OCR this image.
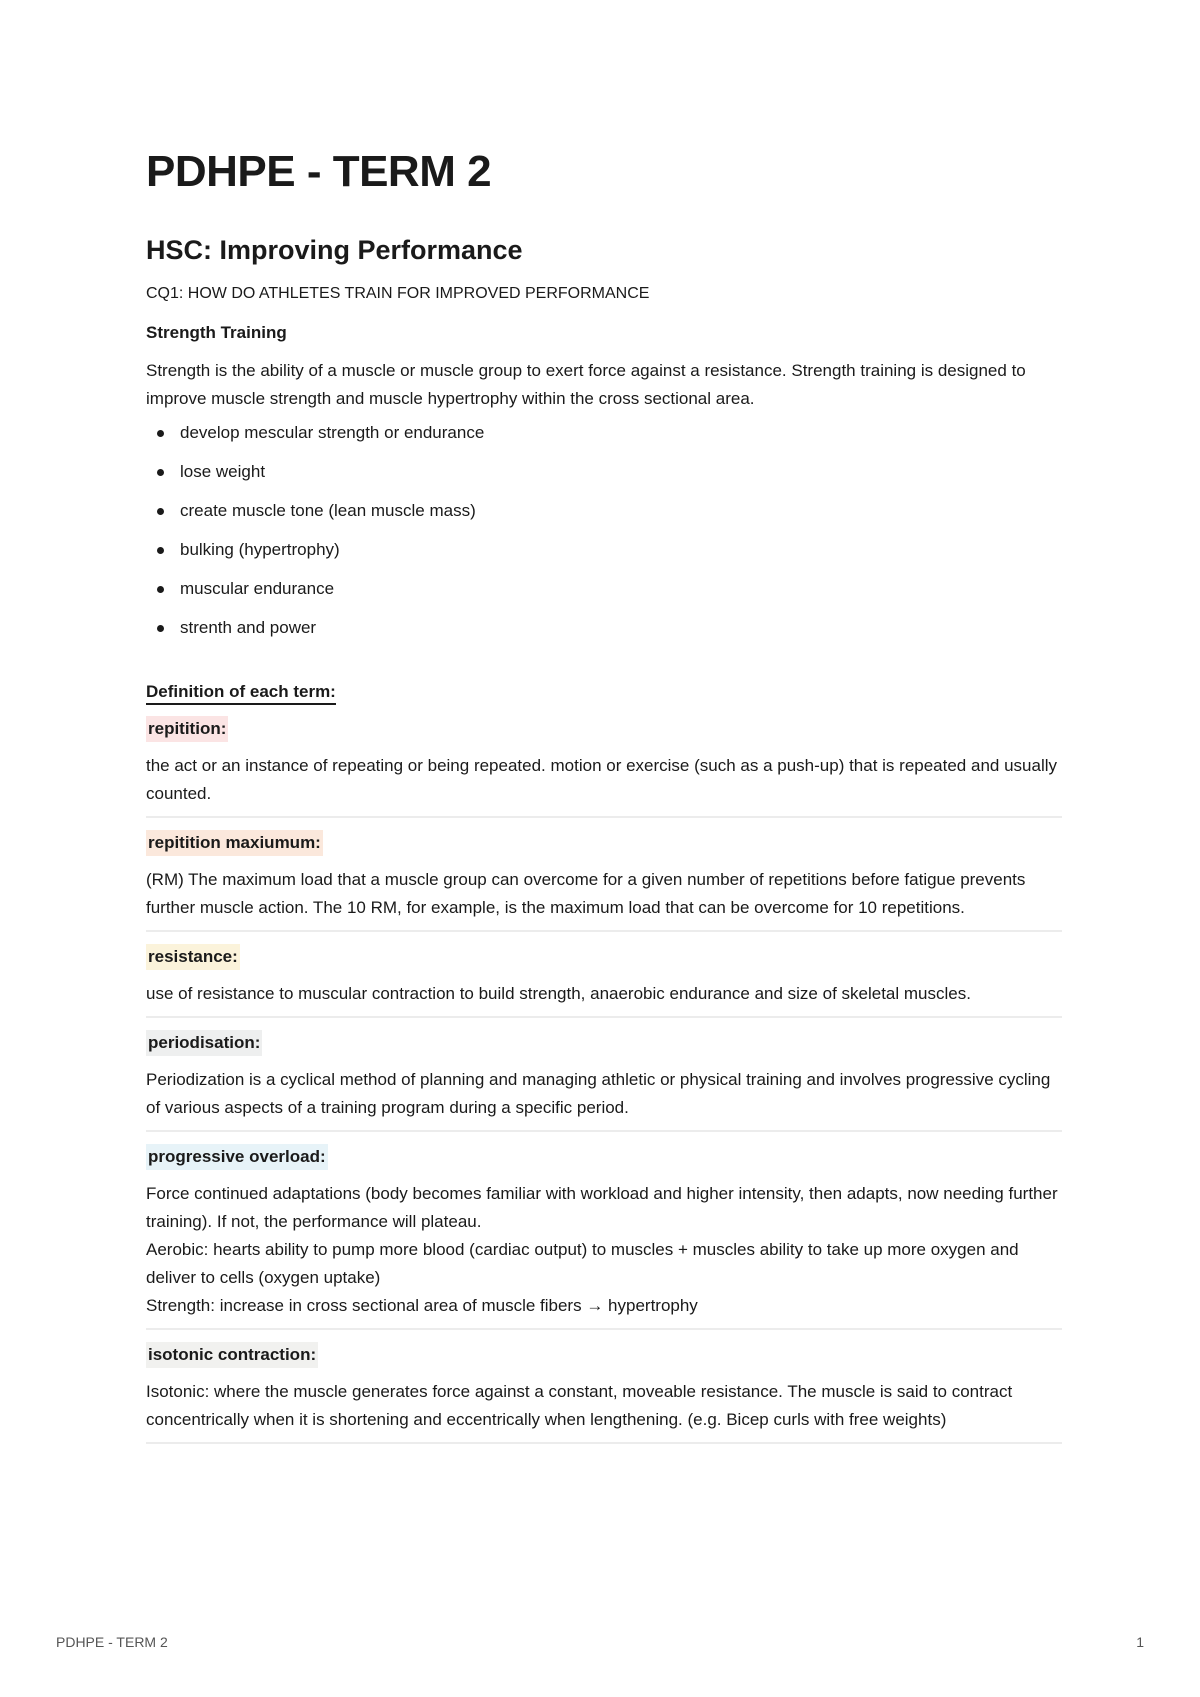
PDHPE - TERM 2
HSC: Improving Performance

CQ1: HOW DO ATHLETES TRAIN FOR IMPROVED PERFORMANCE

Strength Training

Strength is the ability of a muscle or muscle group to exert force against a resistance. Strength training is designed to improve muscle strength and muscle hypertrophy within the cross sectional area.

develop mescular strength or endurance
lose weight
create muscle tone (lean muscle mass)
bulking (hypertrophy)
muscular endurance
strenth and power

Definition of each term:

repitition:

the act or an instance of repeating or being repeated. motion or exercise (such as a push-up) that is repeated and usually counted.

repitition maxiumum:

(RM) The maximum load that a muscle group can overcome for a given number of repetitions before fatigue prevents further muscle action. The 10 RM, for example, is the maximum load that can be overcome for 10 repetitions.

resistance:

use of resistance to muscular contraction to build strength, anaerobic endurance and size of skeletal muscles.

periodisation:

Periodization is a cyclical method of planning and managing athletic or physical training and involves progressive cycling of various aspects of a training program during a specific period.

progressive overload:

Force continued adaptations (body becomes familiar with workload and higher intensity, then adapts, now needing further training). If not, the performance will plateau.
Aerobic: hearts ability to pump more blood (cardiac output) to muscles + muscles ability to take up more oxygen and deliver to cells (oxygen uptake)
Strength: increase in cross sectional area of muscle fibers → hypertrophy

isotonic contraction:

Isotonic: where the muscle generates force against a constant, moveable resistance. The muscle is said to contract concentrically when it is shortening and eccentrically when lengthening. (e.g. Bicep curls with free weights)

PDHPE - TERM 2	1
